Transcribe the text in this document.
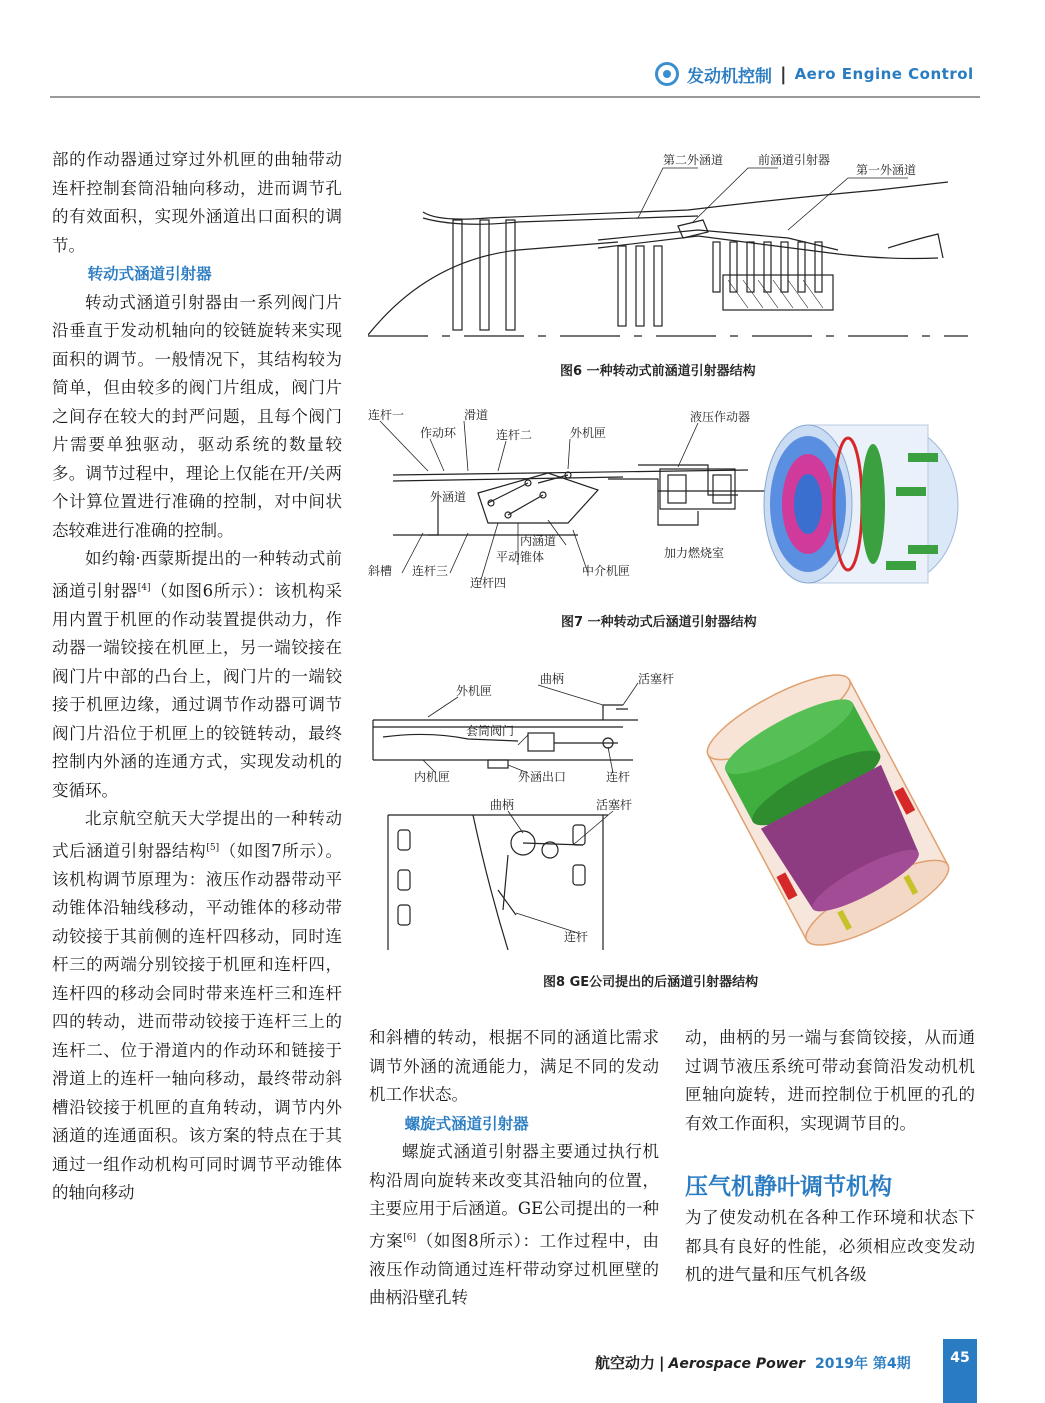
发动机控制 | Aero Engine Control

部的作动器通过穿过外机匣的曲轴带动连杆控制套筒沿轴向移动，进而调节孔的有效面积，实现外涵道出口面积的调节。

转动式涵道引射器

转动式涵道引射器由一系列阀门片沿垂直于发动机轴向的铰链旋转来实现面积的调节。一般情况下，其结构较为简单，但由较多的阀门片组成，阀门片之间存在较大的封严问题，且每个阀门片需要单独驱动，驱动系统的数量较多。调节过程中，理论上仅能在开/关两个计算位置进行准确的控制，对中间状态较难进行准确的控制。

如约翰·西蒙斯提出的一种转动式前涵道引射器[4]（如图6所示）：该机构采用内置于机匣的作动装置提供动力，作动器一端铰接在机匣上，另一端铰接在阀门片中部的凸台上，阀门片的一端铰接于机匣边缘，通过调节作动器可调节阀门片沿位于机匣上的铰链转动，最终控制内外涵的连通方式，实现发动机的变循环。

北京航空航天大学提出的一种转动式后涵道引射器结构[5]（如图7所示）。该机构调节原理为：液压作动器带动平动锥体沿轴线移动，平动锥体的移动带动铰接于其前侧的连杆四移动，同时连杆三的两端分别铰接于机匣和连杆四，连杆四的移动会同时带来连杆三和连杆四的转动，进而带动铰接于连杆三上的连杆二、位于滑道内的作动环和链接于滑道上的连杆一轴向移动，最终带动斜槽沿铰接于机匣的直角转动，调节内外涵道的连通面积。该方案的特点在于其通过一组作动机构可同时调节平动锥体的轴向移动

第二外涵道	前涵道引射器
第一外涵道
图6 一种转动式前涵道引射器结构
连杆一	滑道
作动环	连杆二	外机匣
液压作动器
外涵道
内涵道
平动锥体
斜槽 连杆三
连杆四
中介机匣
加力燃烧室
图7 一种转动式后涵道引射器结构
曲柄	活塞杆
外机匣
套筒阀门
内机匣	外涵出口	连杆
曲柄	活塞杆
连杆
图8 GE公司提出的后涵道引射器结构

和斜槽的转动，根据不同的涵道比需求调节外涵的流通能力，满足不同的发动机工作状态。

螺旋式涵道引射器

螺旋式涵道引射器主要通过执行机构沿周向旋转来改变其沿轴向的位置，主要应用于后涵道。GE公司提出的一种方案[6]（如图8所示）：工作过程中，由液压作动筒通过连杆带动穿过机匣壁的曲柄沿壁孔转

动，曲柄的另一端与套筒铰接，从而通过调节液压系统可带动套筒沿发动机机匣轴向旋转，进而控制位于机匣的孔的有效工作面积，实现调节目的。

压气机静叶调节机构

为了使发动机在各种工作环境和状态下都具有良好的性能，必须相应改变发动机的进气量和压气机各级

航空动力 | Aerospace Power 2019年 第4期	45
